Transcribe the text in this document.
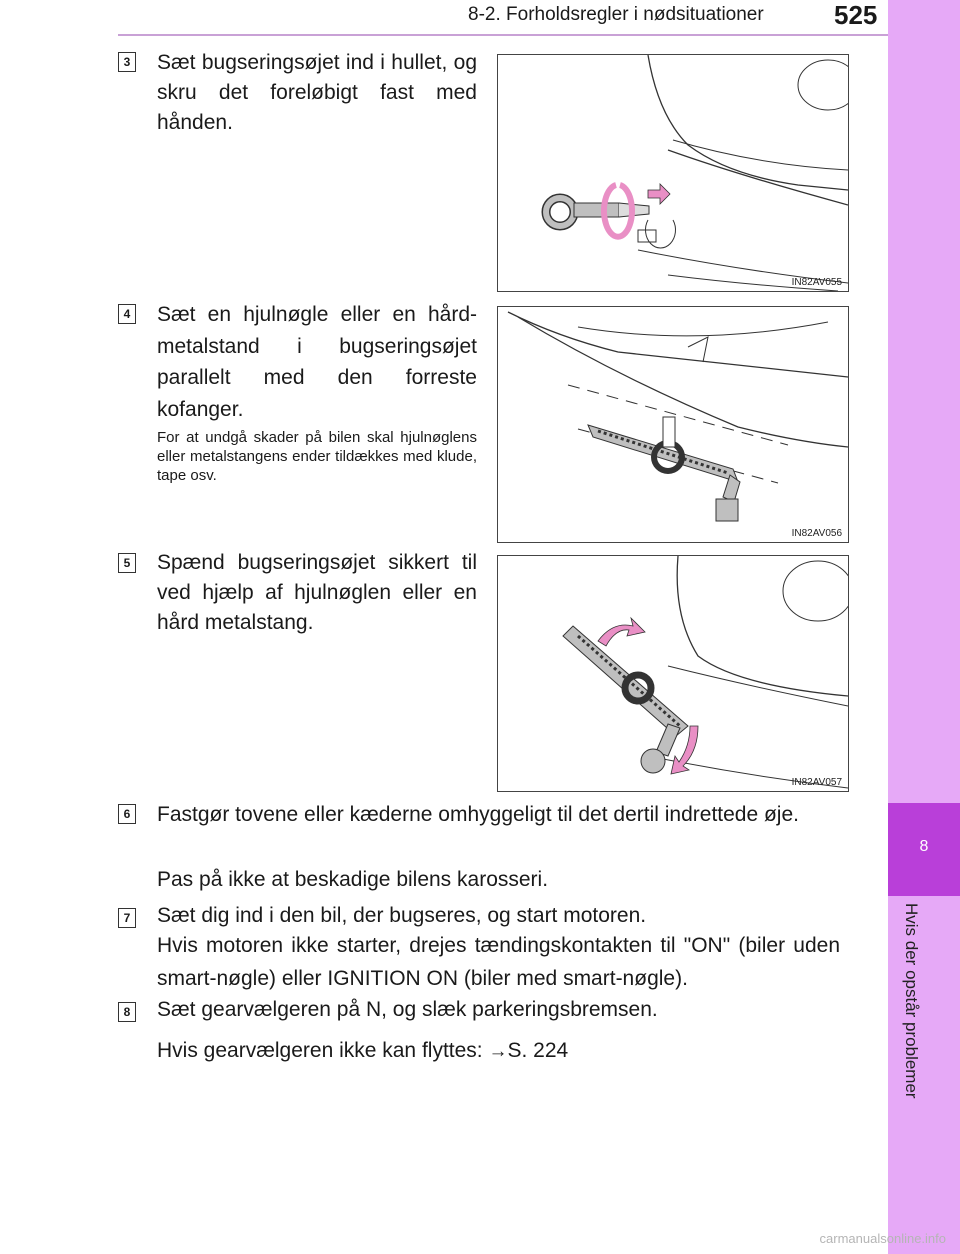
8-2. Forholdsregler i nødsituationer	525
8
Hvis der opstår problemer
3 Sæt bugseringsøjet ind i hullet, og skru det foreløbigt fast med hånden.
IN82AV055
4 Sæt en hjulnøgle eller en hård-metalstand i bugseringsøjet parallelt med den forreste kofanger.
For at undgå skader på bilen skal hjulnøglens eller metalstangens ender tildækkes med klude, tape osv.
IN82AV056
5 Spænd bugseringsøjet sikkert til ved hjælp af hjulnøglen eller en hård metalstang.
IN82AV057
6 Fastgør tovene eller kæderne omhyggeligt til det dertil indrettede øje.
Pas på ikke at beskadige bilens karosseri.
7 Sæt dig ind i den bil, der bugseres, og start motoren.
Hvis motoren ikke starter, drejes tændingskontakten til "ON" (biler uden smart-nøgle) eller IGNITION ON (biler med smart-nøgle).
8 Sæt gearvælgeren på N, og slæk parkeringsbremsen.
Hvis gearvælgeren ikke kan flyttes: →S. 224
carmanualsonline.info
